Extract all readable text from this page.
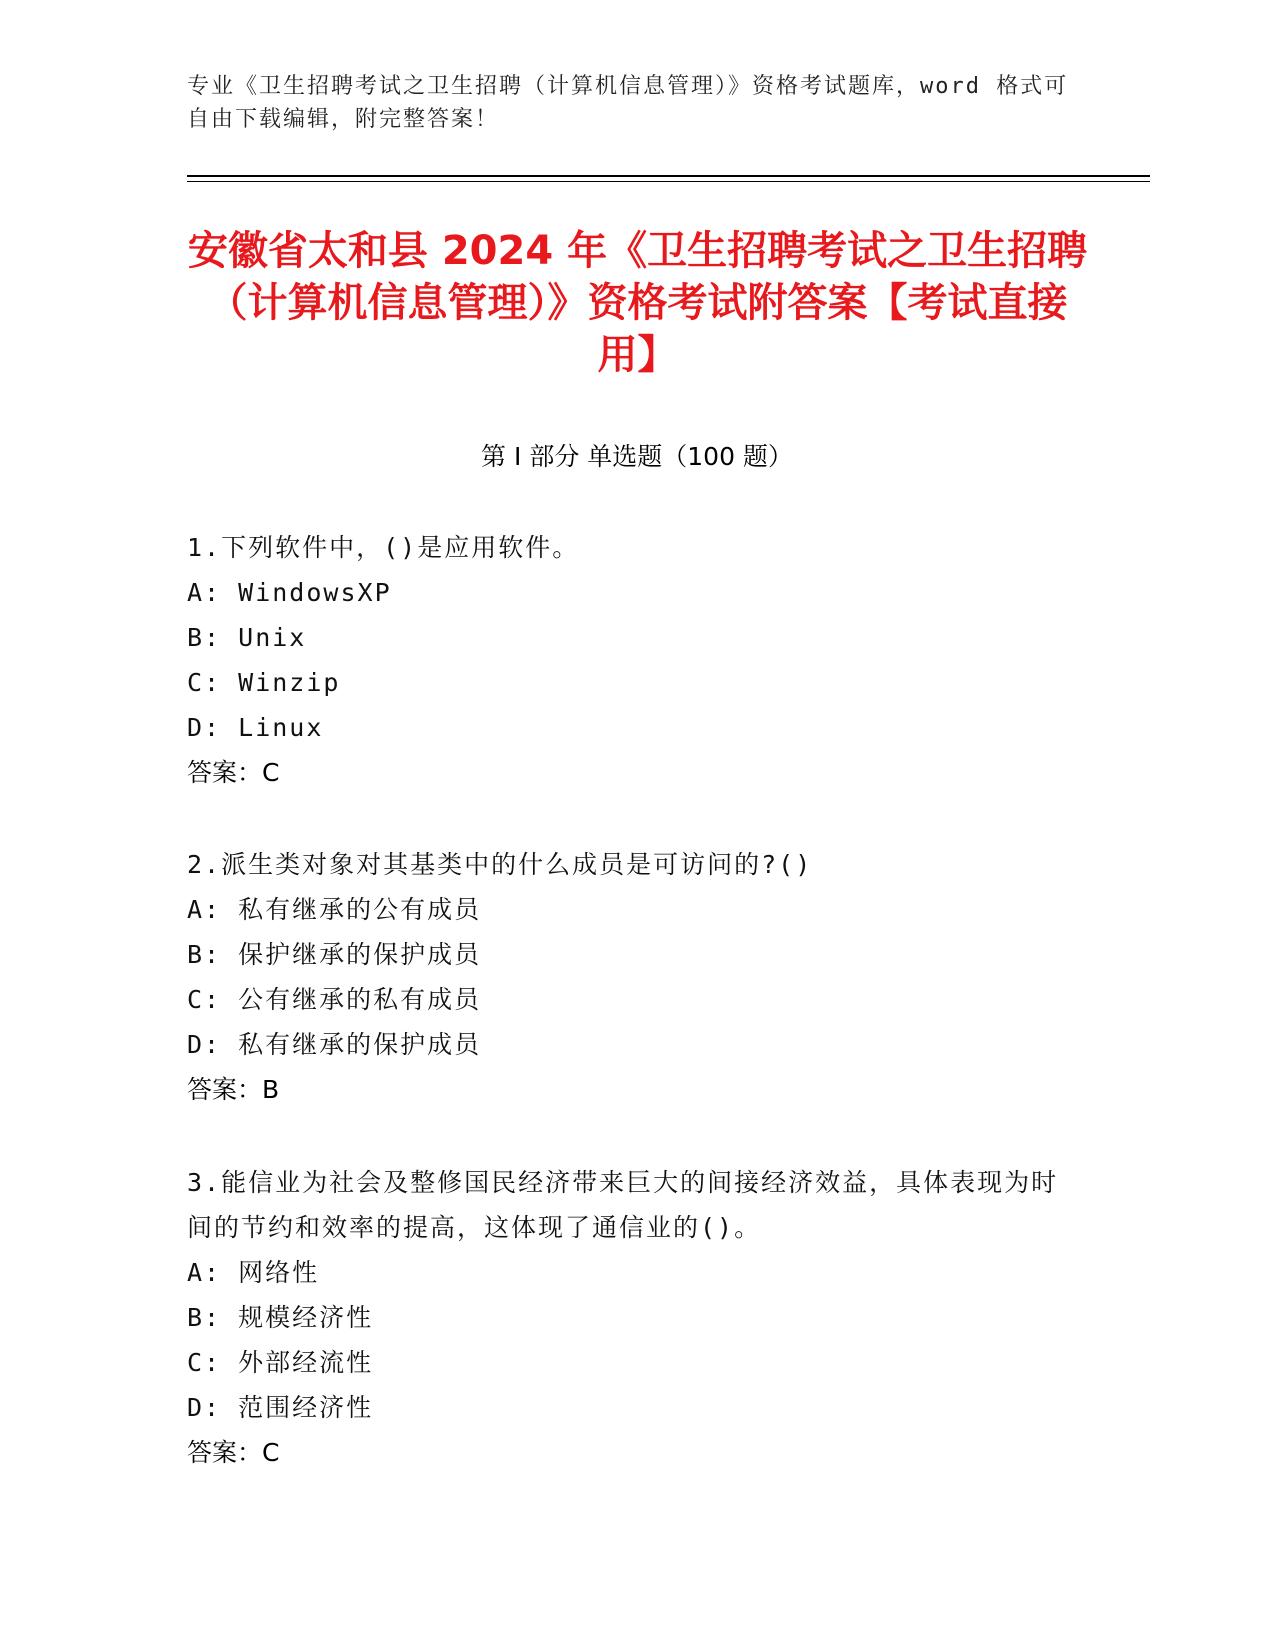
专业《卫生招聘考试之卫生招聘（计算机信息管理）》资格考试题库，word 格式可自由下载编辑，附完整答案！
安徽省太和县 2024 年《卫生招聘考试之卫生招聘（计算机信息管理）》资格考试附答案【考试直接用】
第 I 部分 单选题（100 题）
1.下列软件中，()是应用软件。
A: WindowsXP
B: Unix
C: Winzip
D: Linux
答案：C
2.派生类对象对其基类中的什么成员是可访问的?()
A: 私有继承的公有成员
B: 保护继承的保护成员
C: 公有继承的私有成员
D: 私有继承的保护成员
答案：B
3.能信业为社会及整修国民经济带来巨大的间接经济效益，具体表现为时间的节约和效率的提高，这体现了通信业的()。
A: 网络性
B: 规模经济性
C: 外部经流性
D: 范围经济性
答案：C
